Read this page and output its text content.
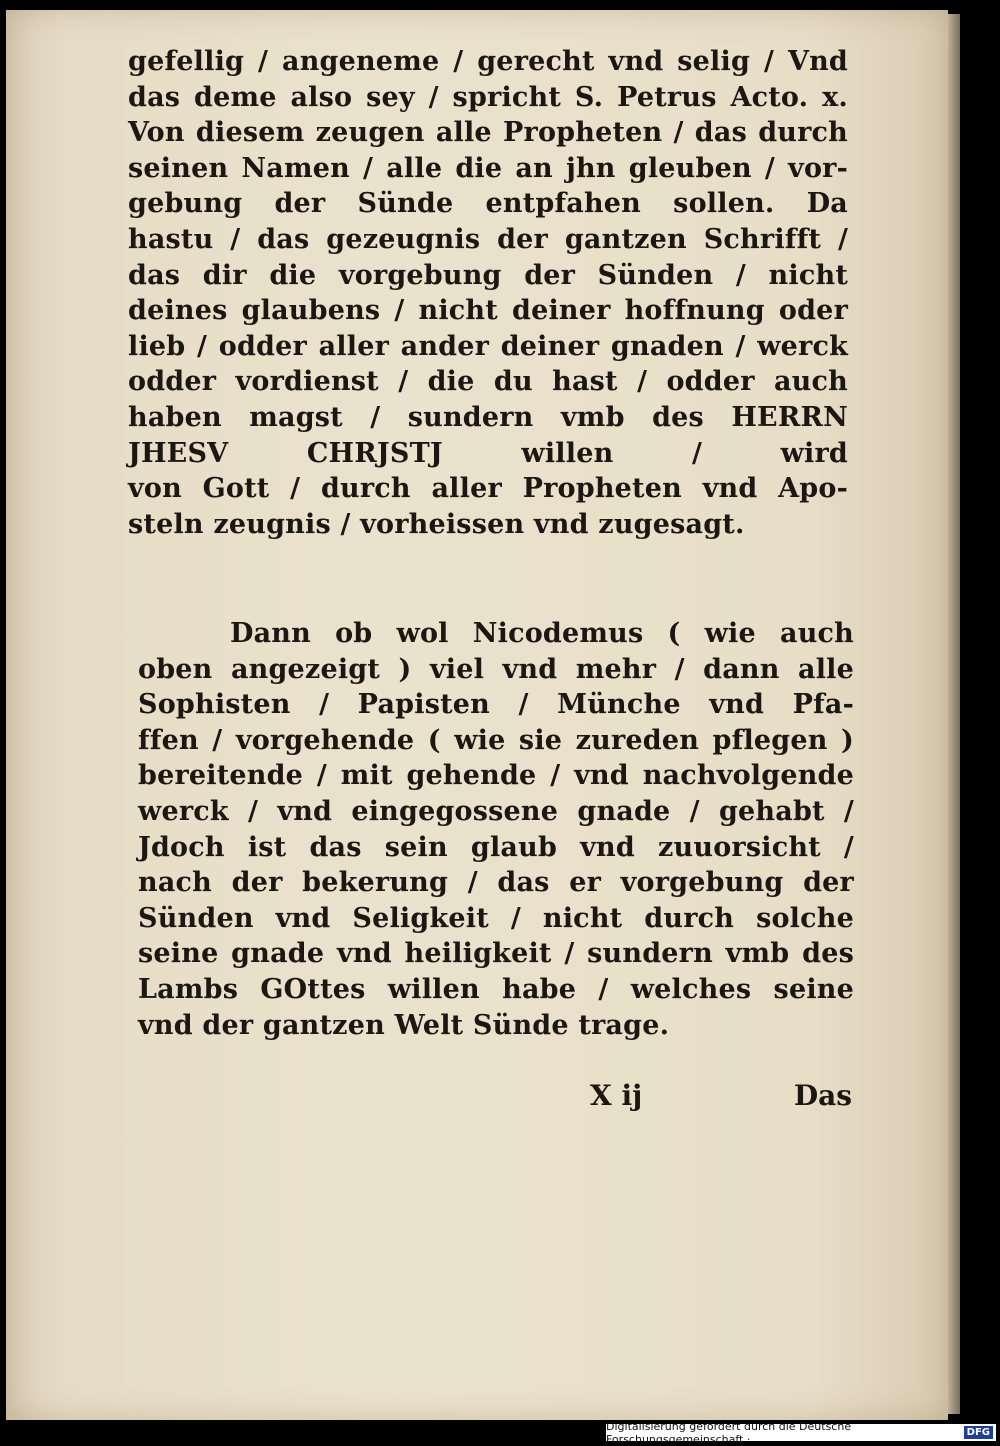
gefellig / angeneme / gerecht vnd selig / Vnd
das deme also sey / spricht S. Petrus Acto. x.
Von diesem zeugen alle Propheten / das durch
seinen Namen / alle die an jhn gleuben / vor-
gebung der Sünde entpfahen sollen. Da
hastu / das gezeugnis der gantzen Schrifft /
das dir die vorgebung der Sünden / nicht
deines glaubens / nicht deiner hoffnung oder
lieb / odder aller ander deiner gnaden / werck
odder vordienst / die du hast / odder auch
haben magst / sundern vmb des HERRN
JHESV CHRJSTJ willen / wird
von Gott / durch aller Propheten vnd Apo-
steln zeugnis / vorheissen vnd zugesagt.
Dann ob wol Nicodemus ( wie auch
oben angezeigt ) viel vnd mehr / dann alle
Sophisten / Papisten / Münche vnd Pfa-
ffen / vorgehende ( wie sie zureden pflegen )
bereitende / mit gehende / vnd nachvolgende
werck / vnd eingegossene gnade / gehabt /
Jdoch ist das sein glaub vnd zuuorsicht /
nach der bekerung / das er vorgebung der
Sünden vnd Seligkeit / nicht durch solche
seine gnade vnd heiligkeit / sundern vmb des
Lambs GOttes willen habe / welches seine
vnd der gantzen Welt Sünde trage.
X ij	Das
Digitalisierung gefördert durch die Deutsche Forschungsgemeinschaft ·	DFG
